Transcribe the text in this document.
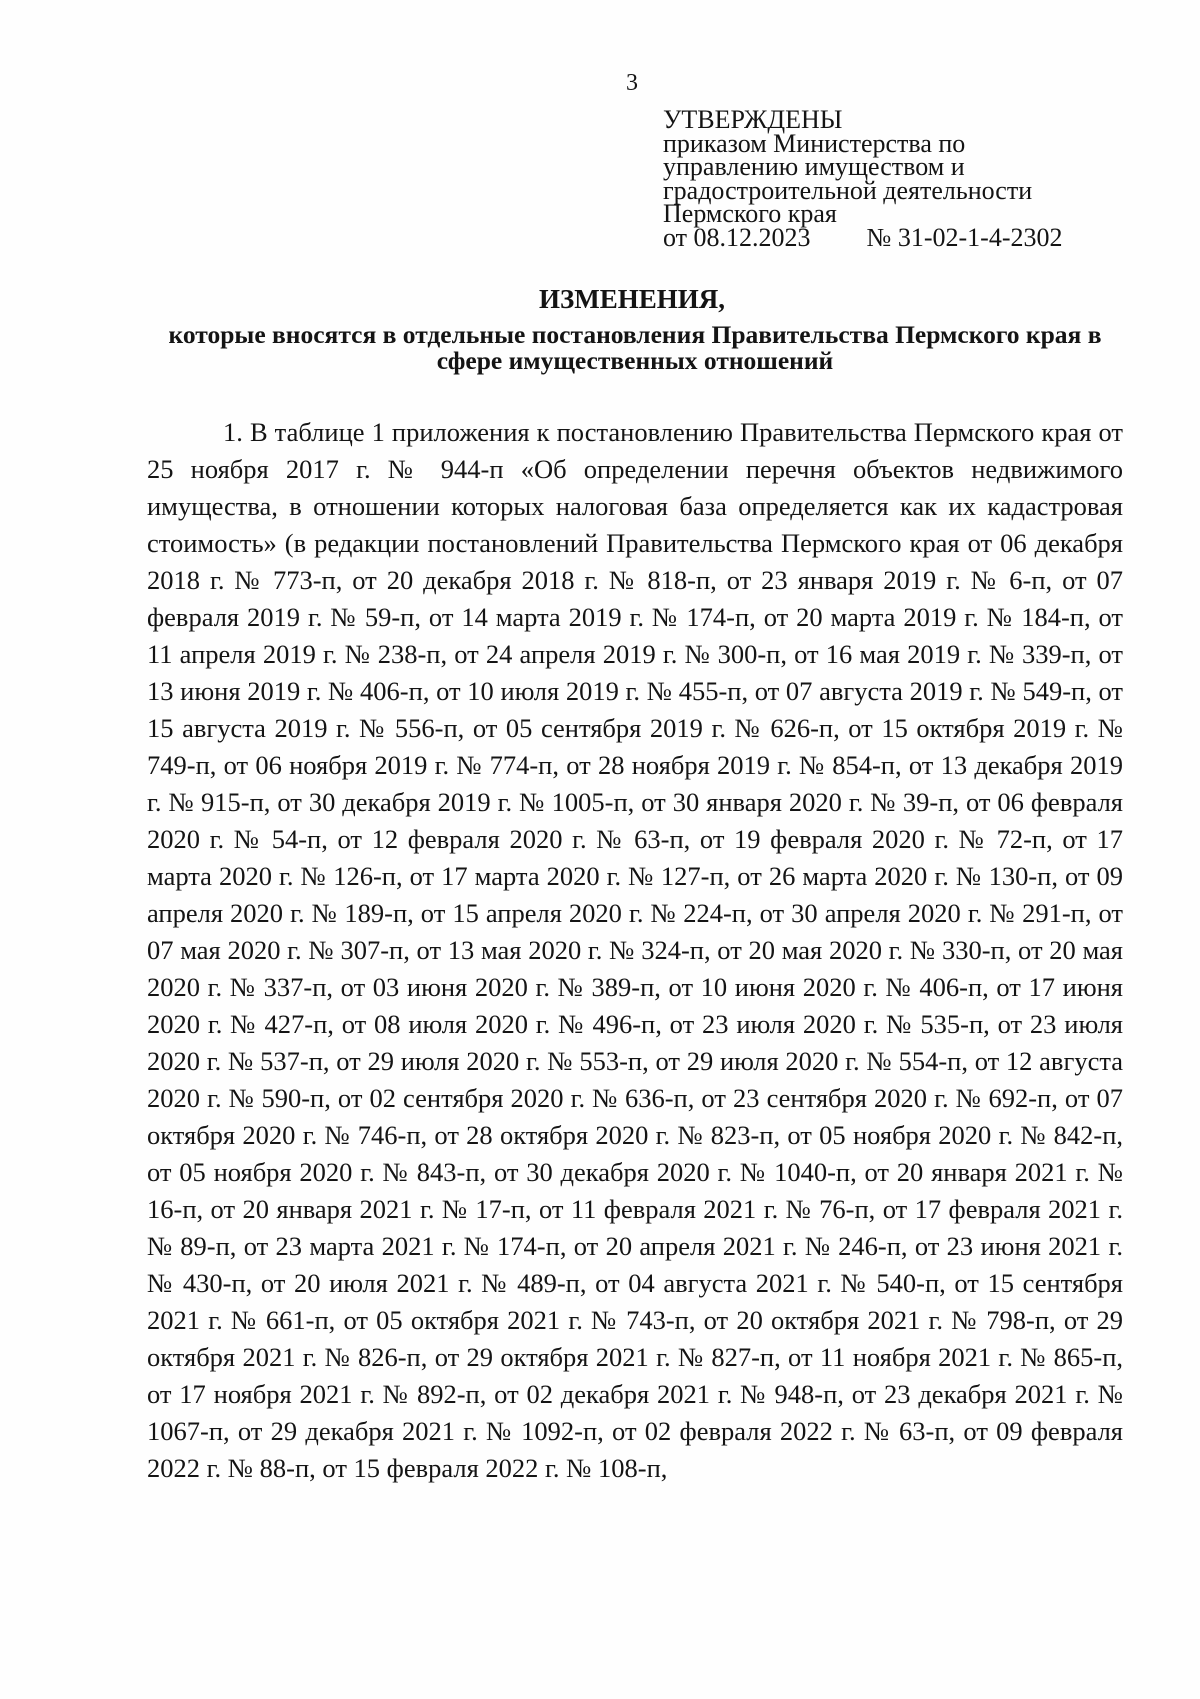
3
УТВЕРЖДЕНЫ
приказом Министерства по
управлению имуществом и
градостроительной деятельности
Пермского края
от 08.12.2023 № 31-02-1-4-2302
ИЗМЕНЕНИЯ,
которые вносятся в отдельные постановления Правительства Пермского края в сфере имущественных отношений

1. В таблице 1 приложения к постановлению Правительства Пермского края от 25 ноября 2017 г. № 944-п «Об определении перечня объектов недвижимого имущества, в отношении которых налоговая база определяется как их кадастровая стоимость» (в редакции постановлений Правительства Пермского края от 06 декабря 2018 г. № 773-п, от 20 декабря 2018 г. № 818-п, от 23 января 2019 г. № 6-п, от 07 февраля 2019 г. № 59-п, от 14 марта 2019 г. № 174-п, от 20 марта 2019 г. № 184-п, от 11 апреля 2019 г. № 238-п, от 24 апреля 2019 г. № 300-п, от 16 мая 2019 г. № 339-п, от 13 июня 2019 г. № 406-п, от 10 июля 2019 г. № 455-п, от 07 августа 2019 г. № 549-п, от 15 августа 2019 г. № 556-п, от 05 сентября 2019 г. № 626-п, от 15 октября 2019 г. № 749-п, от 06 ноября 2019 г. № 774-п, от 28 ноября 2019 г. № 854-п, от 13 декабря 2019 г. № 915-п, от 30 декабря 2019 г. № 1005-п, от 30 января 2020 г. № 39-п, от 06 февраля 2020 г. № 54-п, от 12 февраля 2020 г. № 63-п, от 19 февраля 2020 г. № 72-п, от 17 марта 2020 г. № 126-п, от 17 марта 2020 г. № 127-п, от 26 марта 2020 г. № 130-п, от 09 апреля 2020 г. № 189-п, от 15 апреля 2020 г. № 224-п, от 30 апреля 2020 г. № 291-п, от 07 мая 2020 г. № 307-п, от 13 мая 2020 г. № 324-п, от 20 мая 2020 г. № 330-п, от 20 мая 2020 г. № 337-п, от 03 июня 2020 г. № 389-п, от 10 июня 2020 г. № 406-п, от 17 июня 2020 г. № 427-п, от 08 июля 2020 г. № 496-п, от 23 июля 2020 г. № 535-п, от 23 июля 2020 г. № 537-п, от 29 июля 2020 г. № 553-п, от 29 июля 2020 г. № 554-п, от 12 августа 2020 г. № 590-п, от 02 сентября 2020 г. № 636-п, от 23 сентября 2020 г. № 692-п, от 07 октября 2020 г. № 746-п, от 28 октября 2020 г. № 823-п, от 05 ноября 2020 г. № 842-п, от 05 ноября 2020 г. № 843-п, от 30 декабря 2020 г. № 1040-п, от 20 января 2021 г. № 16-п, от 20 января 2021 г. № 17-п, от 11 февраля 2021 г. № 76-п, от 17 февраля 2021 г. № 89-п, от 23 марта 2021 г. № 174-п, от 20 апреля 2021 г. № 246-п, от 23 июня 2021 г. № 430-п, от 20 июля 2021 г. № 489-п, от 04 августа 2021 г. № 540-п, от 15 сентября 2021 г. № 661-п, от 05 октября 2021 г. № 743-п, от 20 октября 2021 г. № 798-п, от 29 октября 2021 г. № 826-п, от 29 октября 2021 г. № 827-п, от 11 ноября 2021 г. № 865-п, от 17 ноября 2021 г. № 892-п, от 02 декабря 2021 г. № 948-п, от 23 декабря 2021 г. № 1067-п, от 29 декабря 2021 г. № 1092-п, от 02 февраля 2022 г. № 63-п, от 09 февраля 2022 г. № 88-п, от 15 февраля 2022 г. № 108-п,
